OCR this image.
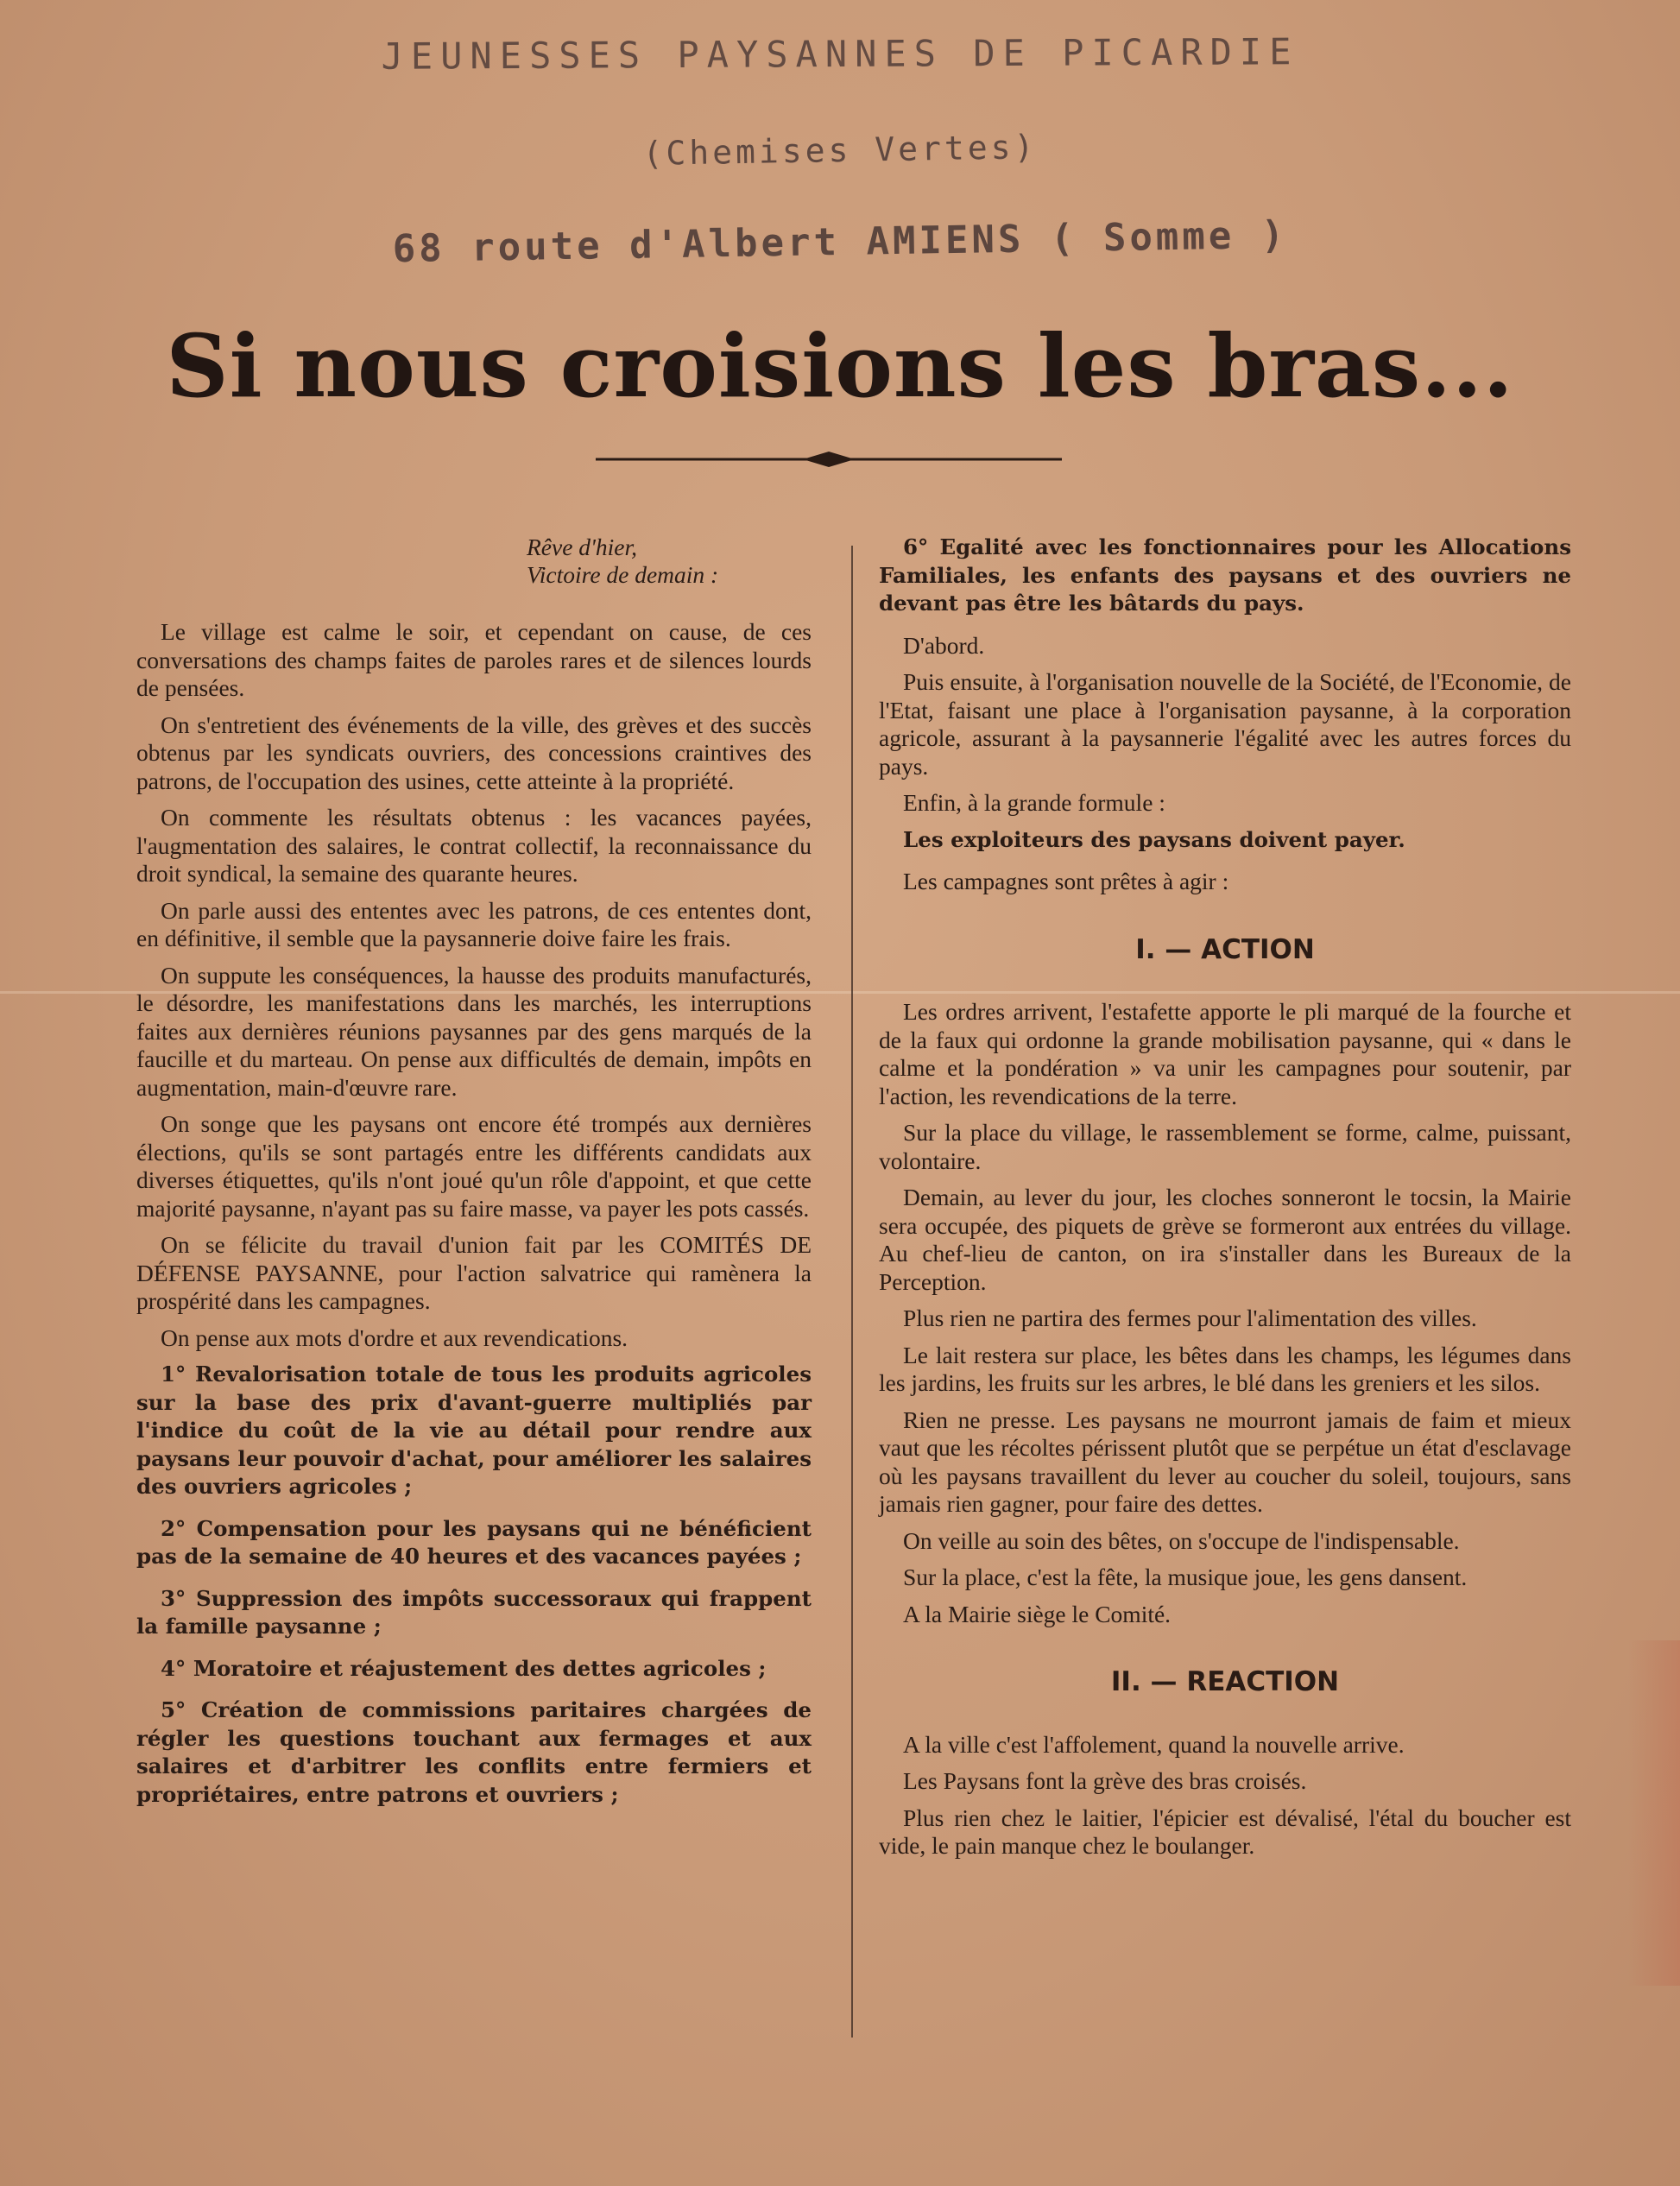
JEUNESSES PAYSANNES DE PICARDIE
(Chemises Vertes)
68 route d'Albert AMIENS ( Somme )
Si nous croisions les bras...
Rêve d'hier,
Victoire de demain :

Le village est calme le soir, et cependant on cause, de ces conversations des champs faites de paroles rares et de silences lourds de pensées.

On s'entretient des événements de la ville, des grèves et des succès obtenus par les syndicats ouvriers, des concessions craintives des patrons, de l'occupation des usines, cette atteinte à la propriété.

On commente les résultats obtenus : les vacances payées, l'augmentation des salaires, le contrat collectif, la reconnaissance du droit syndical, la semaine des quarante heures.

On parle aussi des ententes avec les patrons, de ces ententes dont, en définitive, il semble que la paysannerie doive faire les frais.

On suppute les conséquences, la hausse des produits manufacturés, le désordre, les manifestations dans les marchés, les interruptions faites aux dernières réunions paysannes par des gens marqués de la faucille et du marteau. On pense aux difficultés de demain, impôts en augmentation, main-d'œuvre rare.

On songe que les paysans ont encore été trompés aux dernières élections, qu'ils se sont partagés entre les différents candidats aux diverses étiquettes, qu'ils n'ont joué qu'un rôle d'appoint, et que cette majorité paysanne, n'ayant pas su faire masse, va payer les pots cassés.

On se félicite du travail d'union fait par les COMITÉS DE DÉFENSE PAYSANNE, pour l'action salvatrice qui ramènera la prospérité dans les campagnes.

On pense aux mots d'ordre et aux revendications.

1° Revalorisation totale de tous les produits agricoles sur la base des prix d'avant-guerre multipliés par l'indice du coût de la vie au détail pour rendre aux paysans leur pouvoir d'achat, pour améliorer les salaires des ouvriers agricoles ;

2° Compensation pour les paysans qui ne bénéficient pas de la semaine de 40 heures et des vacances payées ;

3° Suppression des impôts successoraux qui frappent la famille paysanne ;

4° Moratoire et réajustement des dettes agricoles ;

5° Création de commissions paritaires chargées de régler les questions touchant aux fermages et aux salaires et d'arbitrer les conflits entre fermiers et propriétaires, entre patrons et ouvriers ;

6° Egalité avec les fonctionnaires pour les Allocations Familiales, les enfants des paysans et des ouvriers ne devant pas être les bâtards du pays.

D'abord.

Puis ensuite, à l'organisation nouvelle de la Société, de l'Economie, de l'Etat, faisant une place à l'organisation paysanne, à la corporation agricole, assurant à la paysannerie l'égalité avec les autres forces du pays.

Enfin, à la grande formule :

Les exploiteurs des paysans doivent payer.

Les campagnes sont prêtes à agir :

I. — ACTION

Les ordres arrivent, l'estafette apporte le pli marqué de la fourche et de la faux qui ordonne la grande mobilisation paysanne, qui « dans le calme et la pondération » va unir les campagnes pour soutenir, par l'action, les revendications de la terre.

Sur la place du village, le rassemblement se forme, calme, puissant, volontaire.

Demain, au lever du jour, les cloches sonneront le tocsin, la Mairie sera occupée, des piquets de grève se formeront aux entrées du village. Au chef-lieu de canton, on ira s'installer dans les Bureaux de la Perception.

Plus rien ne partira des fermes pour l'alimentation des villes.

Le lait restera sur place, les bêtes dans les champs, les légumes dans les jardins, les fruits sur les arbres, le blé dans les greniers et les silos.

Rien ne presse. Les paysans ne mourront jamais de faim et mieux vaut que les récoltes périssent plutôt que se perpétue un état d'esclavage où les paysans travaillent du lever au coucher du soleil, toujours, sans jamais rien gagner, pour faire des dettes.

On veille au soin des bêtes, on s'occupe de l'indispensable.

Sur la place, c'est la fête, la musique joue, les gens dansent.

A la Mairie siège le Comité.

II. — REACTION

A la ville c'est l'affolement, quand la nouvelle arrive.

Les Paysans font la grève des bras croisés.

Plus rien chez le laitier, l'épicier est dévalisé, l'étal du boucher est vide, le pain manque chez le boulanger.
